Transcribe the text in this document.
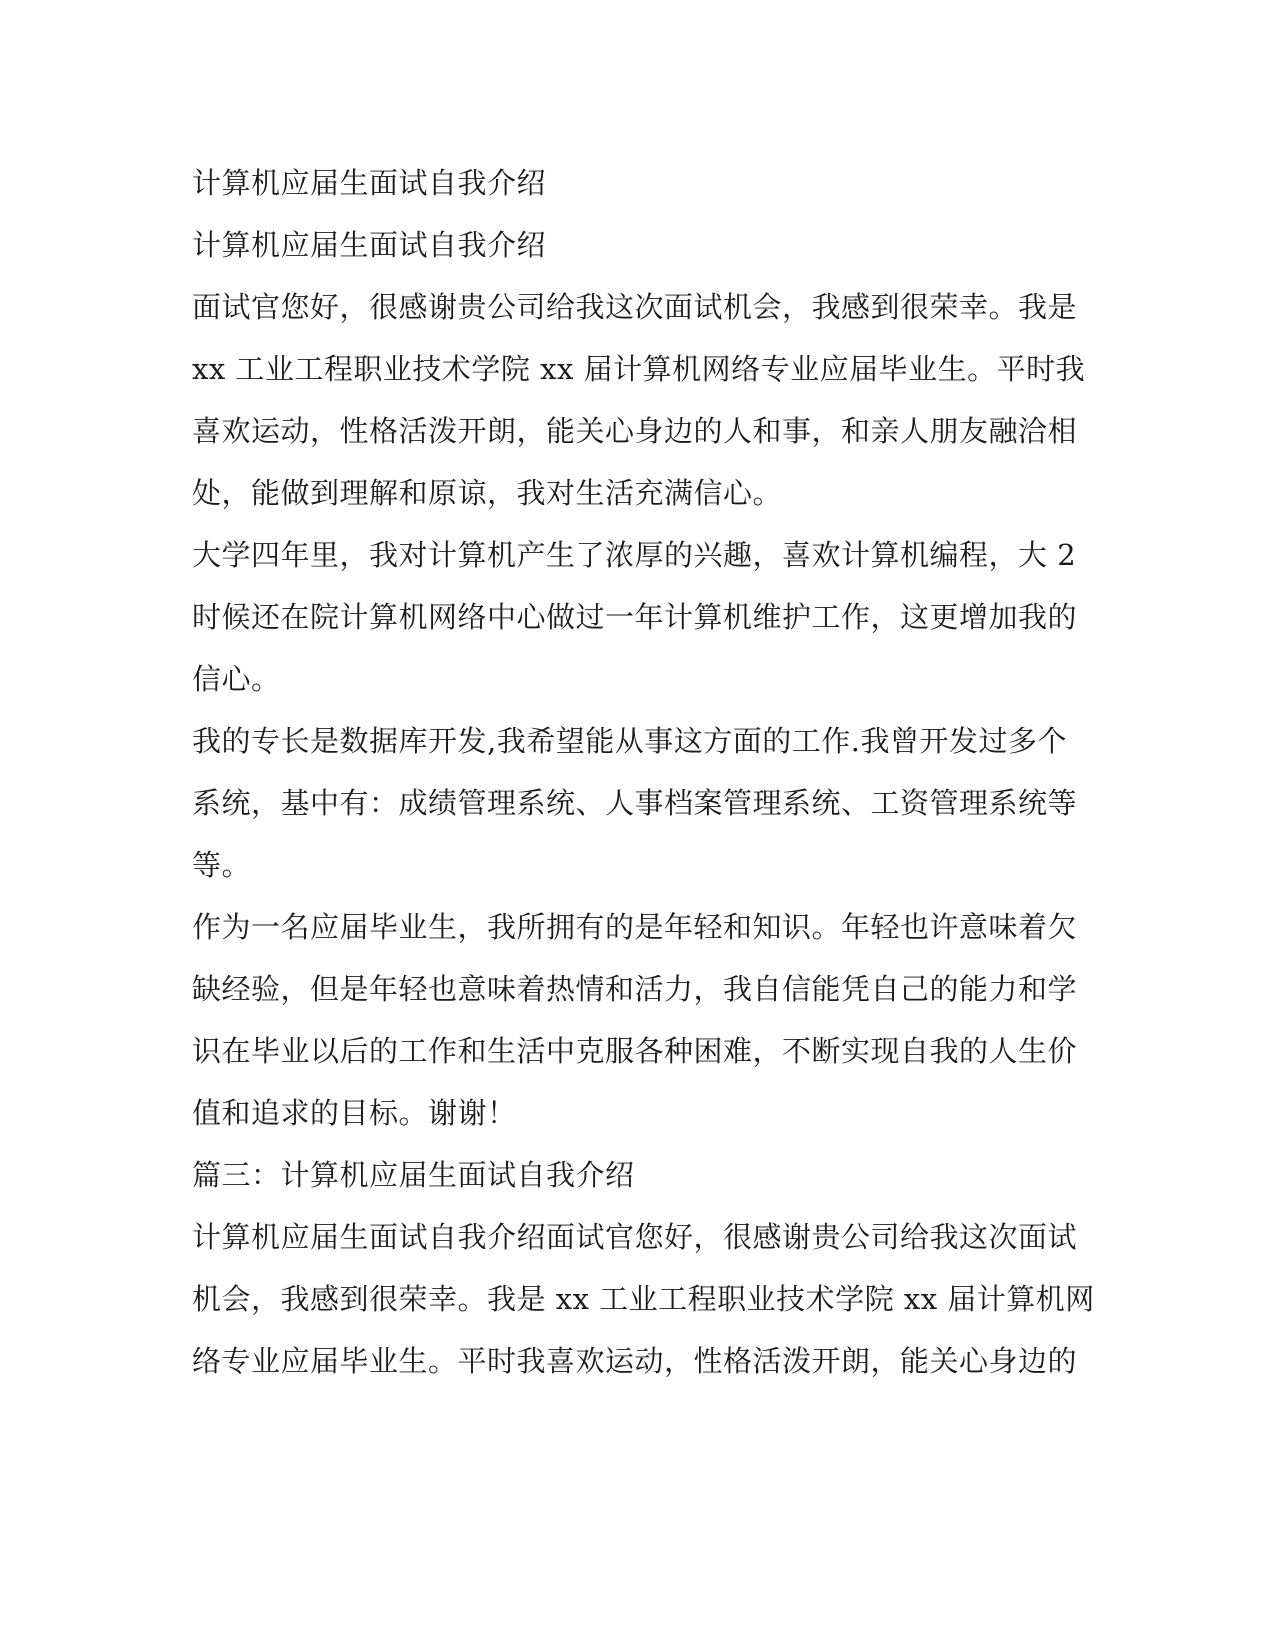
计算机应届生面试自我介绍

计算机应届生面试自我介绍

面试官您好，很感谢贵公司给我这次面试机会，我感到很荣幸。我是

xx 工业工程职业技术学院 xx 届计算机网络专业应届毕业生。平时我

喜欢运动，性格活泼开朗，能关心身边的人和事，和亲人朋友融洽相

处，能做到理解和原谅，我对生活充满信心。

大学四年里，我对计算机产生了浓厚的兴趣，喜欢计算机编程，大 2

时候还在院计算机网络中心做过一年计算机维护工作，这更增加我的

信心。

我的专长是数据库开发,我希望能从事这方面的工作.我曾开发过多个

系统，基中有：成绩管理系统、人事档案管理系统、工资管理系统等

等。

作为一名应届毕业生，我所拥有的是年轻和知识。年轻也许意味着欠

缺经验，但是年轻也意味着热情和活力，我自信能凭自己的能力和学

识在毕业以后的工作和生活中克服各种困难，不断实现自我的人生价

值和追求的目标。谢谢！

篇三：计算机应届生面试自我介绍

计算机应届生面试自我介绍面试官您好，很感谢贵公司给我这次面试

机会，我感到很荣幸。我是 xx 工业工程职业技术学院 xx 届计算机网

络专业应届毕业生。平时我喜欢运动，性格活泼开朗，能关心身边的
